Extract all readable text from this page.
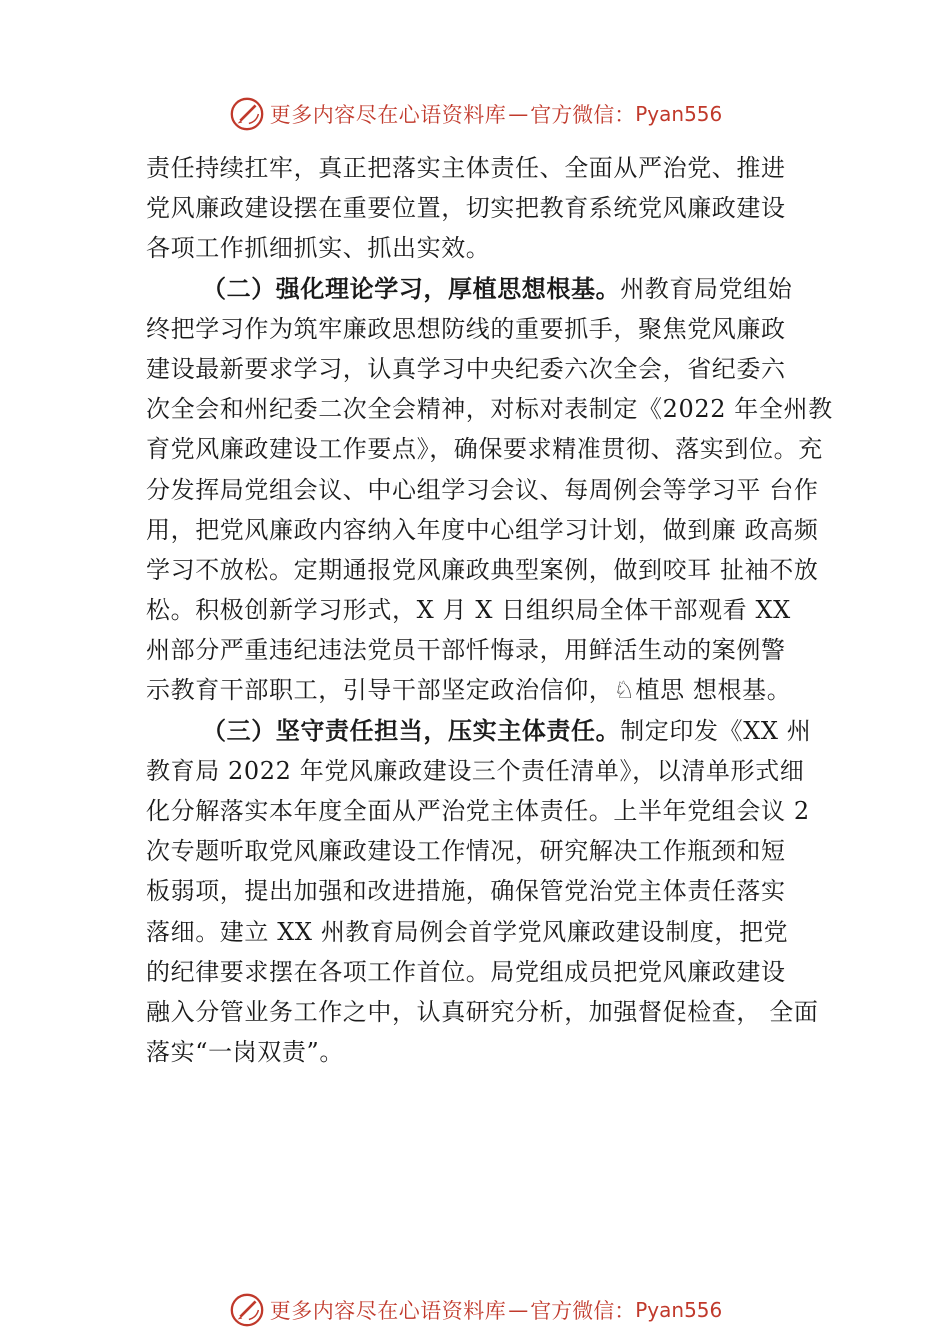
更多内容尽在心语资料库 — 官方微信： Pyan556
责任持续扛牢，真正把落实主体责任、全面从严治党、推进
党风廉政建设摆在重要位置，切实把教育系统党风廉政建设
各项工作抓细抓实、抓出实效。
（二）强化理论学习，厚植思想根基。州教育局党组始
终把学习作为筑牢廉政思想防线的重要抓手，聚焦党风廉政
建设最新要求学习，认真学习中央纪委六次全会，省纪委六
次全会和州纪委二次全会精神，对标对表制定《2022 年全州教
育党风廉政建设工作要点》，确保要求精准贯彻、落实到位。充
分发挥局党组会议、中心组学习会议、每周例会等学习平 台作
用，把党风廉政内容纳入年度中心组学习计划，做到廉 政高频
学习不放松。定期通报党风廉政典型案例，做到咬耳 扯袖不放
松。积极创新学习形式，X 月 X 日组织局全体干部观看 XX
州部分严重违纪违法党员干部忏悔录，用鲜活生动的案例警
示教育干部职工，引导干部坚定政治信仰，♘植思 想根基。
（三）坚守责任担当，压实主体责任。制定印发《XX 州
教育局 2022 年党风廉政建设三个责任清单》，以清单形式细
化分解落实本年度全面从严治党主体责任。上半年党组会议 2
次专题听取党风廉政建设工作情况，研究解决工作瓶颈和短
板弱项，提出加强和改进措施，确保管党治党主体责任落实
落细。建立 XX 州教育局例会首学党风廉政建设制度，把党
的纪律要求摆在各项工作首位。局党组成员把党风廉政建设
融入分管业务工作之中，认真研究分析，加强督促检查， 全面
落实“一岗双责”。
更多内容尽在心语资料库 — 官方微信： Pyan556
